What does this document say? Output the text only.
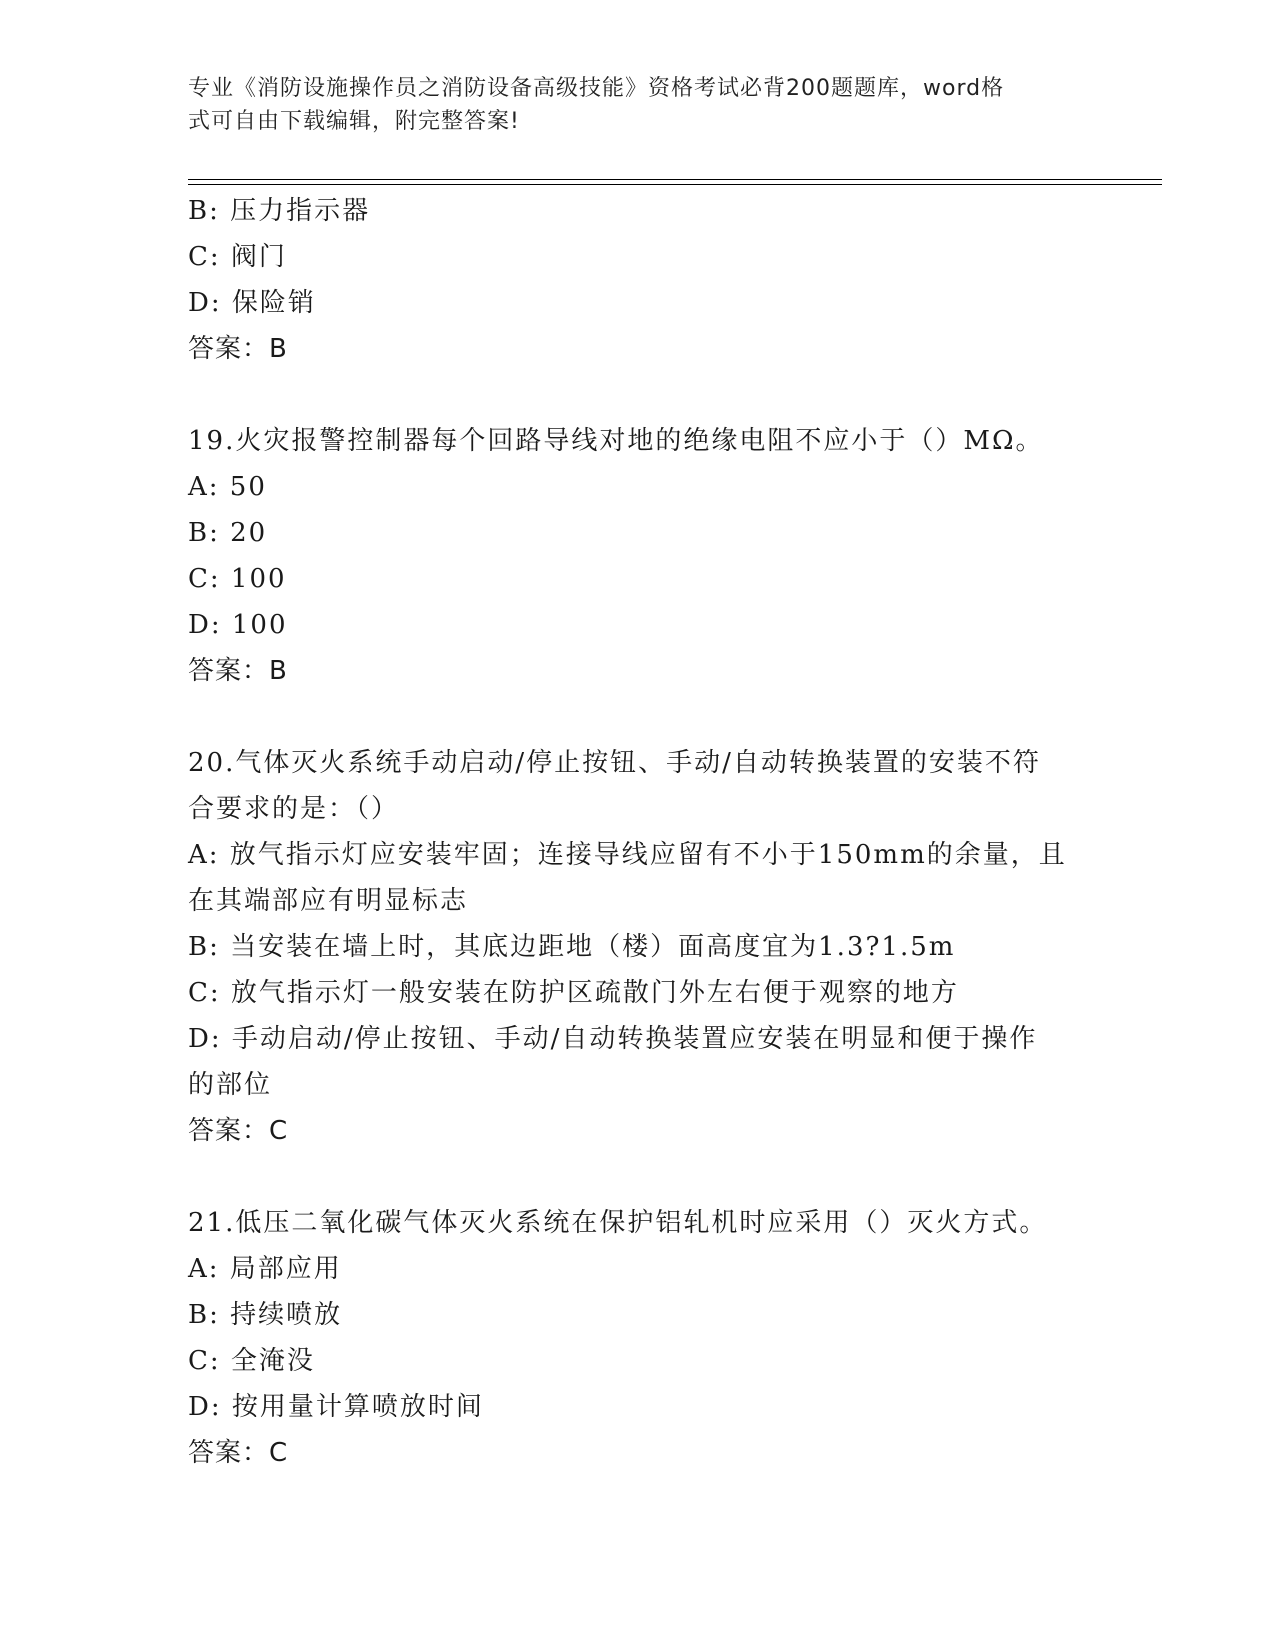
专业《消防设施操作员之消防设备高级技能》资格考试必背200题题库，word格
式可自由下载编辑，附完整答案!
B: 压力指示器
C: 阀门
D: 保险销
答案：B
19.火灾报警控制器每个回路导线对地的绝缘电阻不应小于（）MΩ。
A: 50
B: 20
C: 100
D: 100
答案：B
20.气体灭火系统手动启动/停止按钮、手动/自动转换装置的安装不符
合要求的是：（）
A: 放气指示灯应安装牢固；连接导线应留有不小于150mm的余量，且
在其端部应有明显标志
B: 当安装在墙上时，其底边距地（楼）面高度宜为1.3?1.5m
C: 放气指示灯一般安装在防护区疏散门外左右便于观察的地方
D: 手动启动/停止按钮、手动/自动转换装置应安装在明显和便于操作
的部位
答案：C
21.低压二氧化碳气体灭火系统在保护铝轧机时应采用（）灭火方式。
A: 局部应用
B: 持续喷放
C: 全淹没
D: 按用量计算喷放时间
答案：C
